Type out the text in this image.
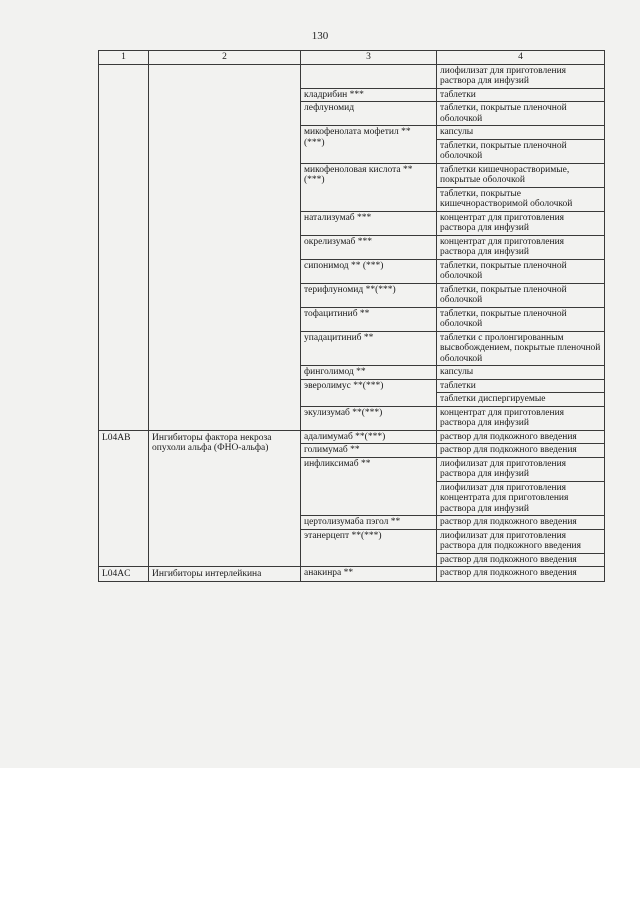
130
1	2	3	4
			лиофилизат для приготовления раствора для инфузий
		кладрибин ***	таблетки
		лефлуномид	таблетки, покрытые пленочной оболочкой
		микофенолата мофетил ** (***)	капсулы
			таблетки, покрытые пленочной оболочкой
		микофеноловая кислота ** (***)	таблетки кишечнорастворимые, покрытые оболочкой
			таблетки, покрытые кишечнорастворимой оболочкой
		натализумаб ***	концентрат для приготовления раствора для инфузий
		окрелизумаб ***	концентрат для приготовления раствора для инфузий
		сипонимод ** (***)	таблетки, покрытые пленочной оболочкой
		терифлуномид **(***)	таблетки, покрытые пленочной оболочкой
		тофацитиниб **	таблетки, покрытые пленочной оболочкой
		упадацитиниб **	таблетки с пролонгированным высвобождением, покрытые пленочной оболочкой
		финголимод **	капсулы
		эверолимус **(***)	таблетки
			таблетки диспергируемые
		экулизумаб **(***)	концентрат для приготовления раствора для инфузий
L04AB	Ингибиторы фактора некроза опухоли альфа (ФНО-альфа)	адалимумаб **(***)	раствор для подкожного введения
		голимумаб **	раствор для подкожного введения
		инфликсимаб **	лиофилизат для приготовления раствора для инфузий
			лиофилизат для приготовления концентрата для приготовления раствора для инфузий
		цертолизумаба пэгол **	раствор для подкожного введения
		этанерцепт **(***)	лиофилизат для приготовления раствора для подкожного введения
			раствор для подкожного введения
L04AC	Ингибиторы интерлейкина	анакинра **	раствор для подкожного введения
